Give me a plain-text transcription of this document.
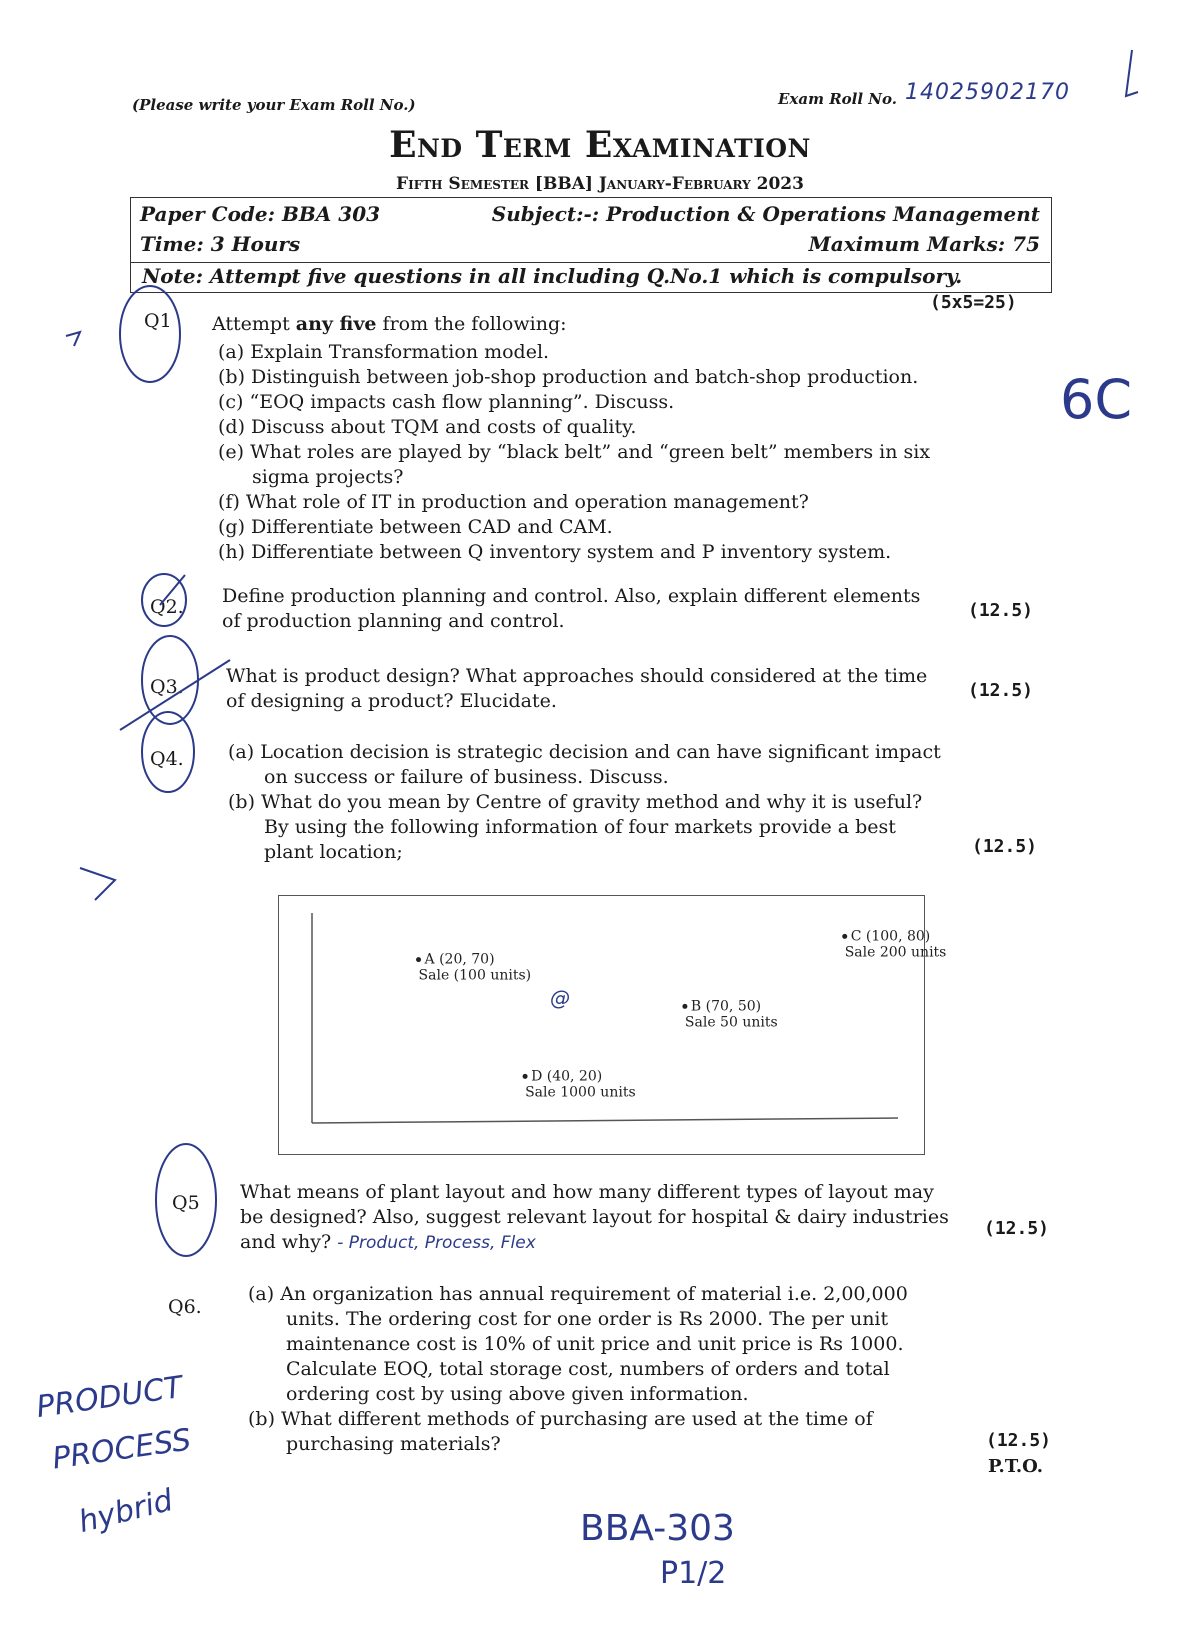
(Please write your Exam Roll No.)	Exam Roll No. 14025902170
End Term Examination
Fifth Semester [BBA] January-February 2023
Paper Code: BBA 303	Subject:-: Production & Operations Management
Time: 3 Hours	Maximum Marks: 75
Note: Attempt five questions in all including Q.No.1 which is compulsory.
Q1 Attempt any five from the following:
(5x5=25)
(a) Explain Transformation model.
(b) Distinguish between job-shop production and batch-shop production.
(c) “EOQ impacts cash flow planning”. Discuss.
(d) Discuss about TQM and costs of quality.
(e) What roles are played by “black belt” and “green belt” members in six
sigma projects?
(f) What role of IT in production and operation management?
(g) Differentiate between CAD and CAM.
(h) Differentiate between Q inventory system and P inventory system.
Q2. Define production planning and control. Also, explain different elements
of production planning and control.	(12.5)
Q3. What is product design? What approaches should considered at the time
of designing a product? Elucidate.	(12.5)
Q4. (a) Location decision is strategic decision and can have significant impact
on success or failure of business. Discuss.
(b) What do you mean by Centre of gravity method and why it is useful?
By using the following information of four markets provide a best
plant location;	(12.5)
A (20, 70)
Sale (100 units)
B (70, 50)
Sale 50 units
C (100, 80)
Sale 200 units
D (40, 20)
Sale 1000 units
@
Q5 What means of plant layout and how many different types of layout may
be designed? Also, suggest relevant layout for hospital & dairy industries
and why? - Product, Process, Flex
(12.5)
Q6.
(a) An organization has annual requirement of material i.e. 2,00,000
units. The ordering cost for one order is Rs 2000. The per unit
maintenance cost is 10% of unit price and unit price is Rs 1000.
Calculate EOQ, total storage cost, numbers of orders and total
ordering cost by using above given information.
(b) What different methods of purchasing are used at the time of
purchasing materials?	(12.5)
P.T.O.
6C
PRODUCT
PROCESS
hybrid	BBA-303
P1/2
